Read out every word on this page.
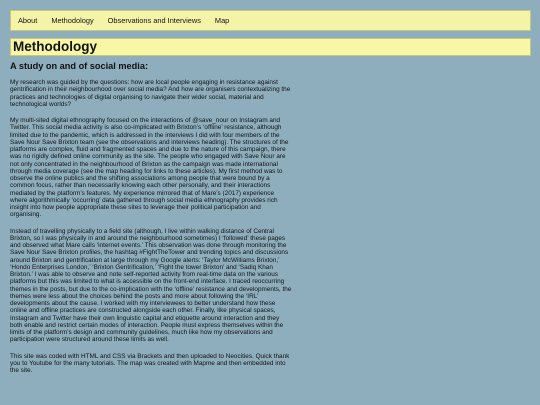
About Methodology Observations and Interviews Map
Methodology
A study on and of social media:

My research was guided by the questions: how are local people engaging in resistance against gentrification in their neighbourhood over social media? And how are organisers contextualizing the practices and technologies of digital organising to navigate their wider social, material and technological worlds?

My multi-sited digital ethnography focused on the interactions of @save_nour on Instagram and Twitter. This social media activity is also co-implicated with Brixton’s ‘offline’ resistance, although limited due to the pandemic, which is addressed in the interviews I did with four members of the Save Nour Save Brixton team (see the observations and interviews heading). The structures of the platforms are complex, fluid and fragmented spaces and due to the nature of this campaign, there was no rigidly defined online community as the site. The people who engaged with Save Nour are not only concentrated in the neighbourhood of Brixton as the campaign was made international through media coverage (see the map heading for links to these articles). My first method was to observe the online publics and the shifting associations among people that were bound by a common focus, rather than necessarily knowing each other personally, and their interactions mediated by the platform’s features. My experience mirrored that of Mare’s (2017) experience where algorithmically ‘occurring’ data gathered through social media ethnography provides rich insight into how people appropriate these sites to leverage their political participation and organising.

Instead of travelling physically to a field site (although, I live within walking distance of Central Brixton, so I was physically in and around the neighbourhood sometimes) I ‘followed’ these pages and observed what Mare calls ‘internet events.’ This observation was done through monitoring the Save Nour Save Brixton profiles, the hashtag #FightTheTower and trending topics and discussions around Brixton and gentrification at large through my Google alerts: ‘Taylor McWilliams Brixton,’ ‘Hondo Enterprises London,’ ‘Brixton Gentrification,’ ‘Fight the tower Brixton’ and ‘Sadiq Khan Brixton.’ I was able to observe and note self-reported activity from real-time data on the various platforms but this was limited to what is accessible on the front-end interface. I traced reoccurring themes in the posts, but due to the co-implication with the ‘offline’ resistance and developments, the themes were less about the choices behind the posts and more about following the ‘IRL’ developments about the cause. I worked with my interviewees to better understand how these online and offline practices are constructed alongside each other. Finally, like physical spaces, Instagram and Twitter have their own linguistic capital and etiquette around interaction and they both enable and restrict certain modes of interaction. People must express themselves within the limits of the platform’s design and community guidelines, much like how my observations and participation were structured around these limits as well.

This site was coded with HTML and CSS via Brackets and then uploaded to Neocities. Quick thank you to Youtube for the many tutorials. The map was created with Mapme and then embedded into the site.
